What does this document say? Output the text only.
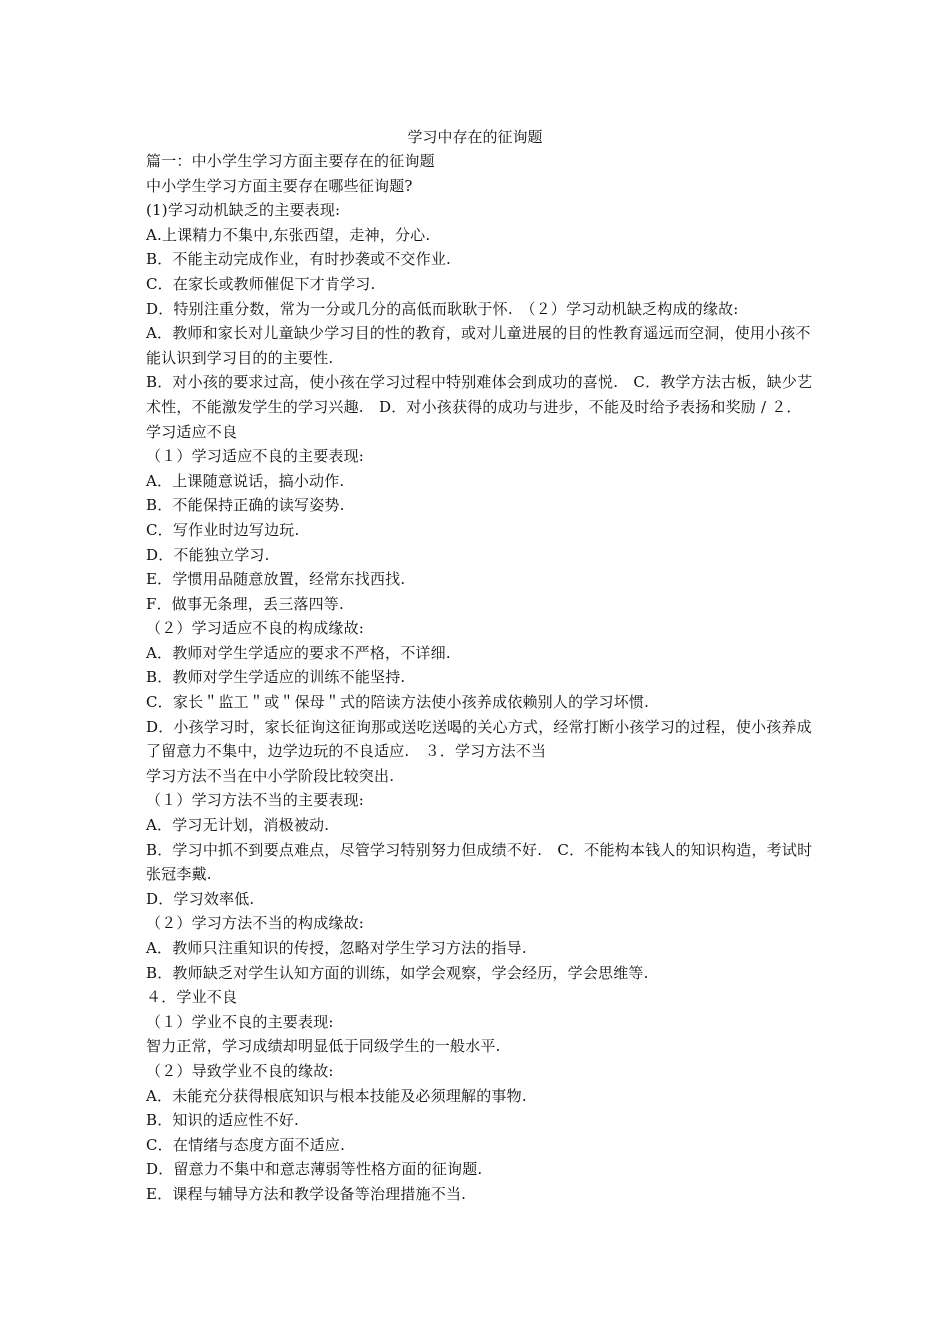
学习中存在的征询题

篇一：中小学生学习方面主要存在的征询题

中小学生学习方面主要存在哪些征询题?

(1)学习动机缺乏的主要表现:

A.上课精力不集中,东张西望，走神，分心.

B．不能主动完成作业，有时抄袭或不交作业.

C．在家长或教师催促下才肯学习.

D．特别注重分数，常为一分或几分的高低而耿耿于怀.　（２）学习动机缺乏构成的缘故:

A．教师和家长对儿童缺少学习目的性的教育，或对儿童进展的目的性教育遥远而空洞，使用小孩不能认识到学习目的的主要性.

B．对小孩的要求过高，使小孩在学习过程中特别难体会到成功的喜悦.　C．教学方法古板，缺少艺术性，不能激发学生的学习兴趣.　D．对小孩获得的成功与进步，不能及时给予表扬和奖励 / ２．学习适应不良

（１）学习适应不良的主要表现:

A．上课随意说话，搞小动作.

B．不能保持正确的读写姿势.

C．写作业时边写边玩.

D．不能独立学习.

E．学惯用品随意放置，经常东找西找.

F．做事无条理，丢三落四等.

（２）学习适应不良的构成缘故:

A．教师对学生学适应的要求不严格，不详细.

B．教师对学生学适应的训练不能坚持.

C．家长＂监工＂或＂保母＂式的陪读方法使小孩养成依赖别人的学习坏惯.

D．小孩学习时，家长征询这征询那或送吃送喝的关心方式，经常打断小孩学习的过程，使小孩养成了留意力不集中，边学边玩的不良适应.　３．学习方法不当

学习方法不当在中小学阶段比较突出.

（１）学习方法不当的主要表现:

A．学习无计划，消极被动.

B．学习中抓不到要点难点，尽管学习特别努力但成绩不好.　C．不能构本钱人的知识构造，考试时张冠李戴.

D．学习效率低.

（２）学习方法不当的构成缘故:

A．教师只注重知识的传授，忽略对学生学习方法的指导.

B．教师缺乏对学生认知方面的训练，如学会观察，学会经历，学会思维等.

４．学业不良

（１）学业不良的主要表现:

智力正常，学习成绩却明显低于同级学生的一般水平.

（２）导致学业不良的缘故:

A．未能充分获得根底知识与根本技能及必须理解的事物.

B．知识的适应性不好.

C．在情绪与态度方面不适应.

D．留意力不集中和意志薄弱等性格方面的征询题.

E．课程与辅导方法和教学设备等治理措施不当.
